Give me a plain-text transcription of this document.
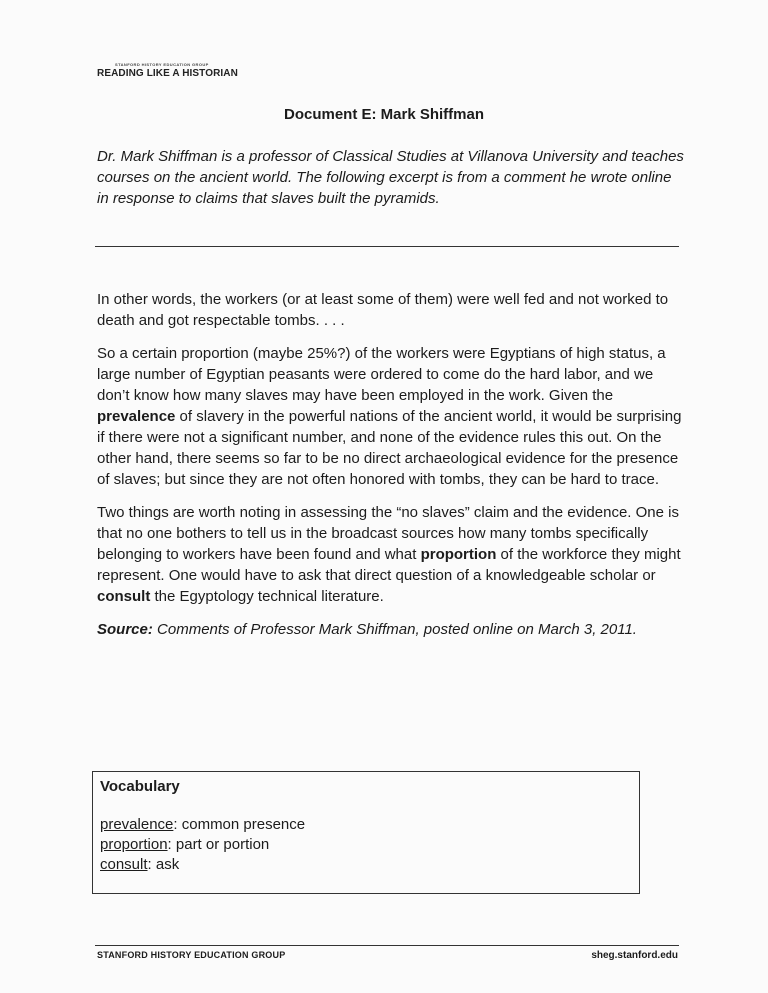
STANFORD HISTORY EDUCATION GROUP
READING LIKE A HISTORIAN
Document E: Mark Shiffman
Dr. Mark Shiffman is a professor of Classical Studies at Villanova University and teaches courses on the ancient world. The following excerpt is from a comment he wrote online in response to claims that slaves built the pyramids.

In other words, the workers (or at least some of them) were well fed and not worked to death and got respectable tombs. . . .

So a certain proportion (maybe 25%?) of the workers were Egyptians of high status, a large number of Egyptian peasants were ordered to come do the hard labor, and we don’t know how many slaves may have been employed in the work. Given the prevalence of slavery in the powerful nations of the ancient world, it would be surprising if there were not a significant number, and none of the evidence rules this out. On the other hand, there seems so far to be no direct archaeological evidence for the presence of slaves; but since they are not often honored with tombs, they can be hard to trace.

Two things are worth noting in assessing the “no slaves” claim and the evidence. One is that no one bothers to tell us in the broadcast sources how many tombs specifically belonging to workers have been found and what proportion of the workforce they might represent. One would have to ask that direct question of a knowledgeable scholar or consult the Egyptology technical literature.

Source: Comments of Professor Mark Shiffman, posted online on March 3, 2011.

Vocabulary
prevalence: common presence
proportion: part or portion
consult: ask
STANFORD HISTORY EDUCATION GROUP	sheg.stanford.edu
